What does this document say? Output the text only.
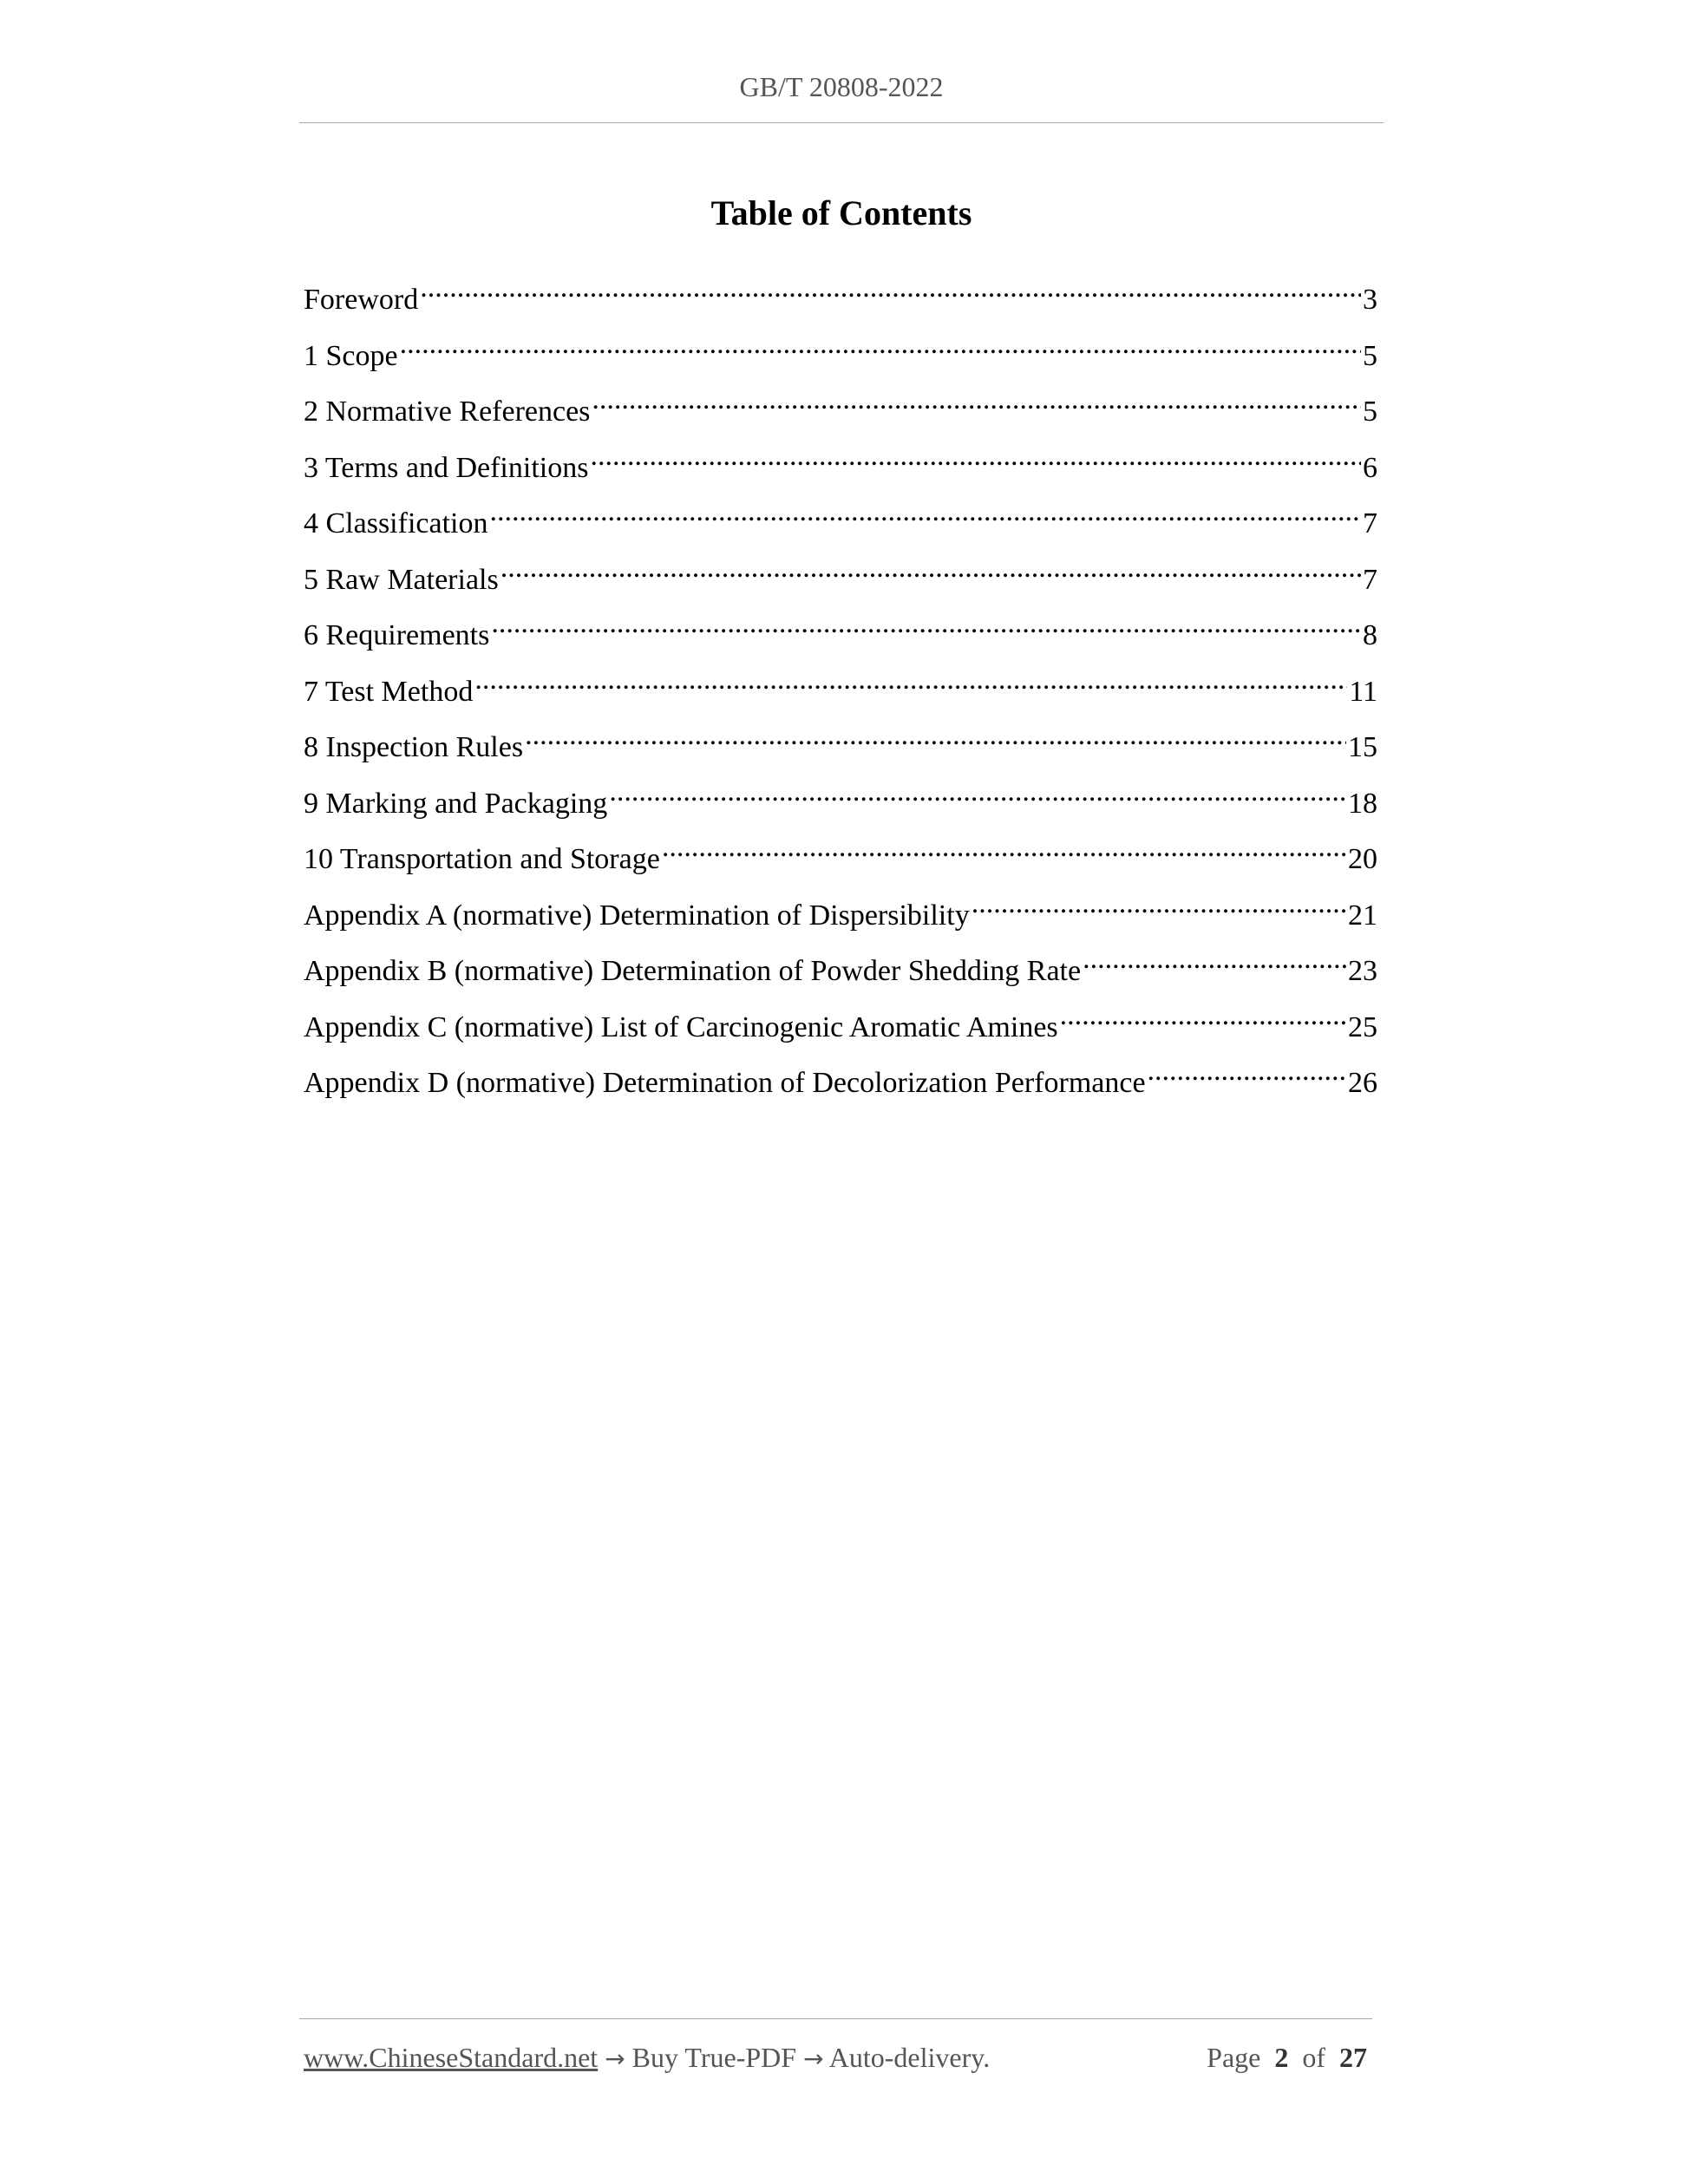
GB/T 20808-2022
Table of Contents
Foreword .....	3
1 Scope .....	5
2 Normative References .....	5
3 Terms and Definitions .....	6
4 Classification .....	7
5 Raw Materials .....	7
6 Requirements .....	8
7 Test Method .....	11
8 Inspection Rules .....	15
9 Marking and Packaging .....	18
10 Transportation and Storage .....	20
Appendix A (normative) Determination of Dispersibility .....	21
Appendix B (normative) Determination of Powder Shedding Rate .....	23
Appendix C (normative) List of Carcinogenic Aromatic Amines .....	25
Appendix D (normative) Determination of Decolorization Performance .....	26
www.ChineseStandard.net → Buy True-PDF → Auto-delivery.	Page 2 of 27
